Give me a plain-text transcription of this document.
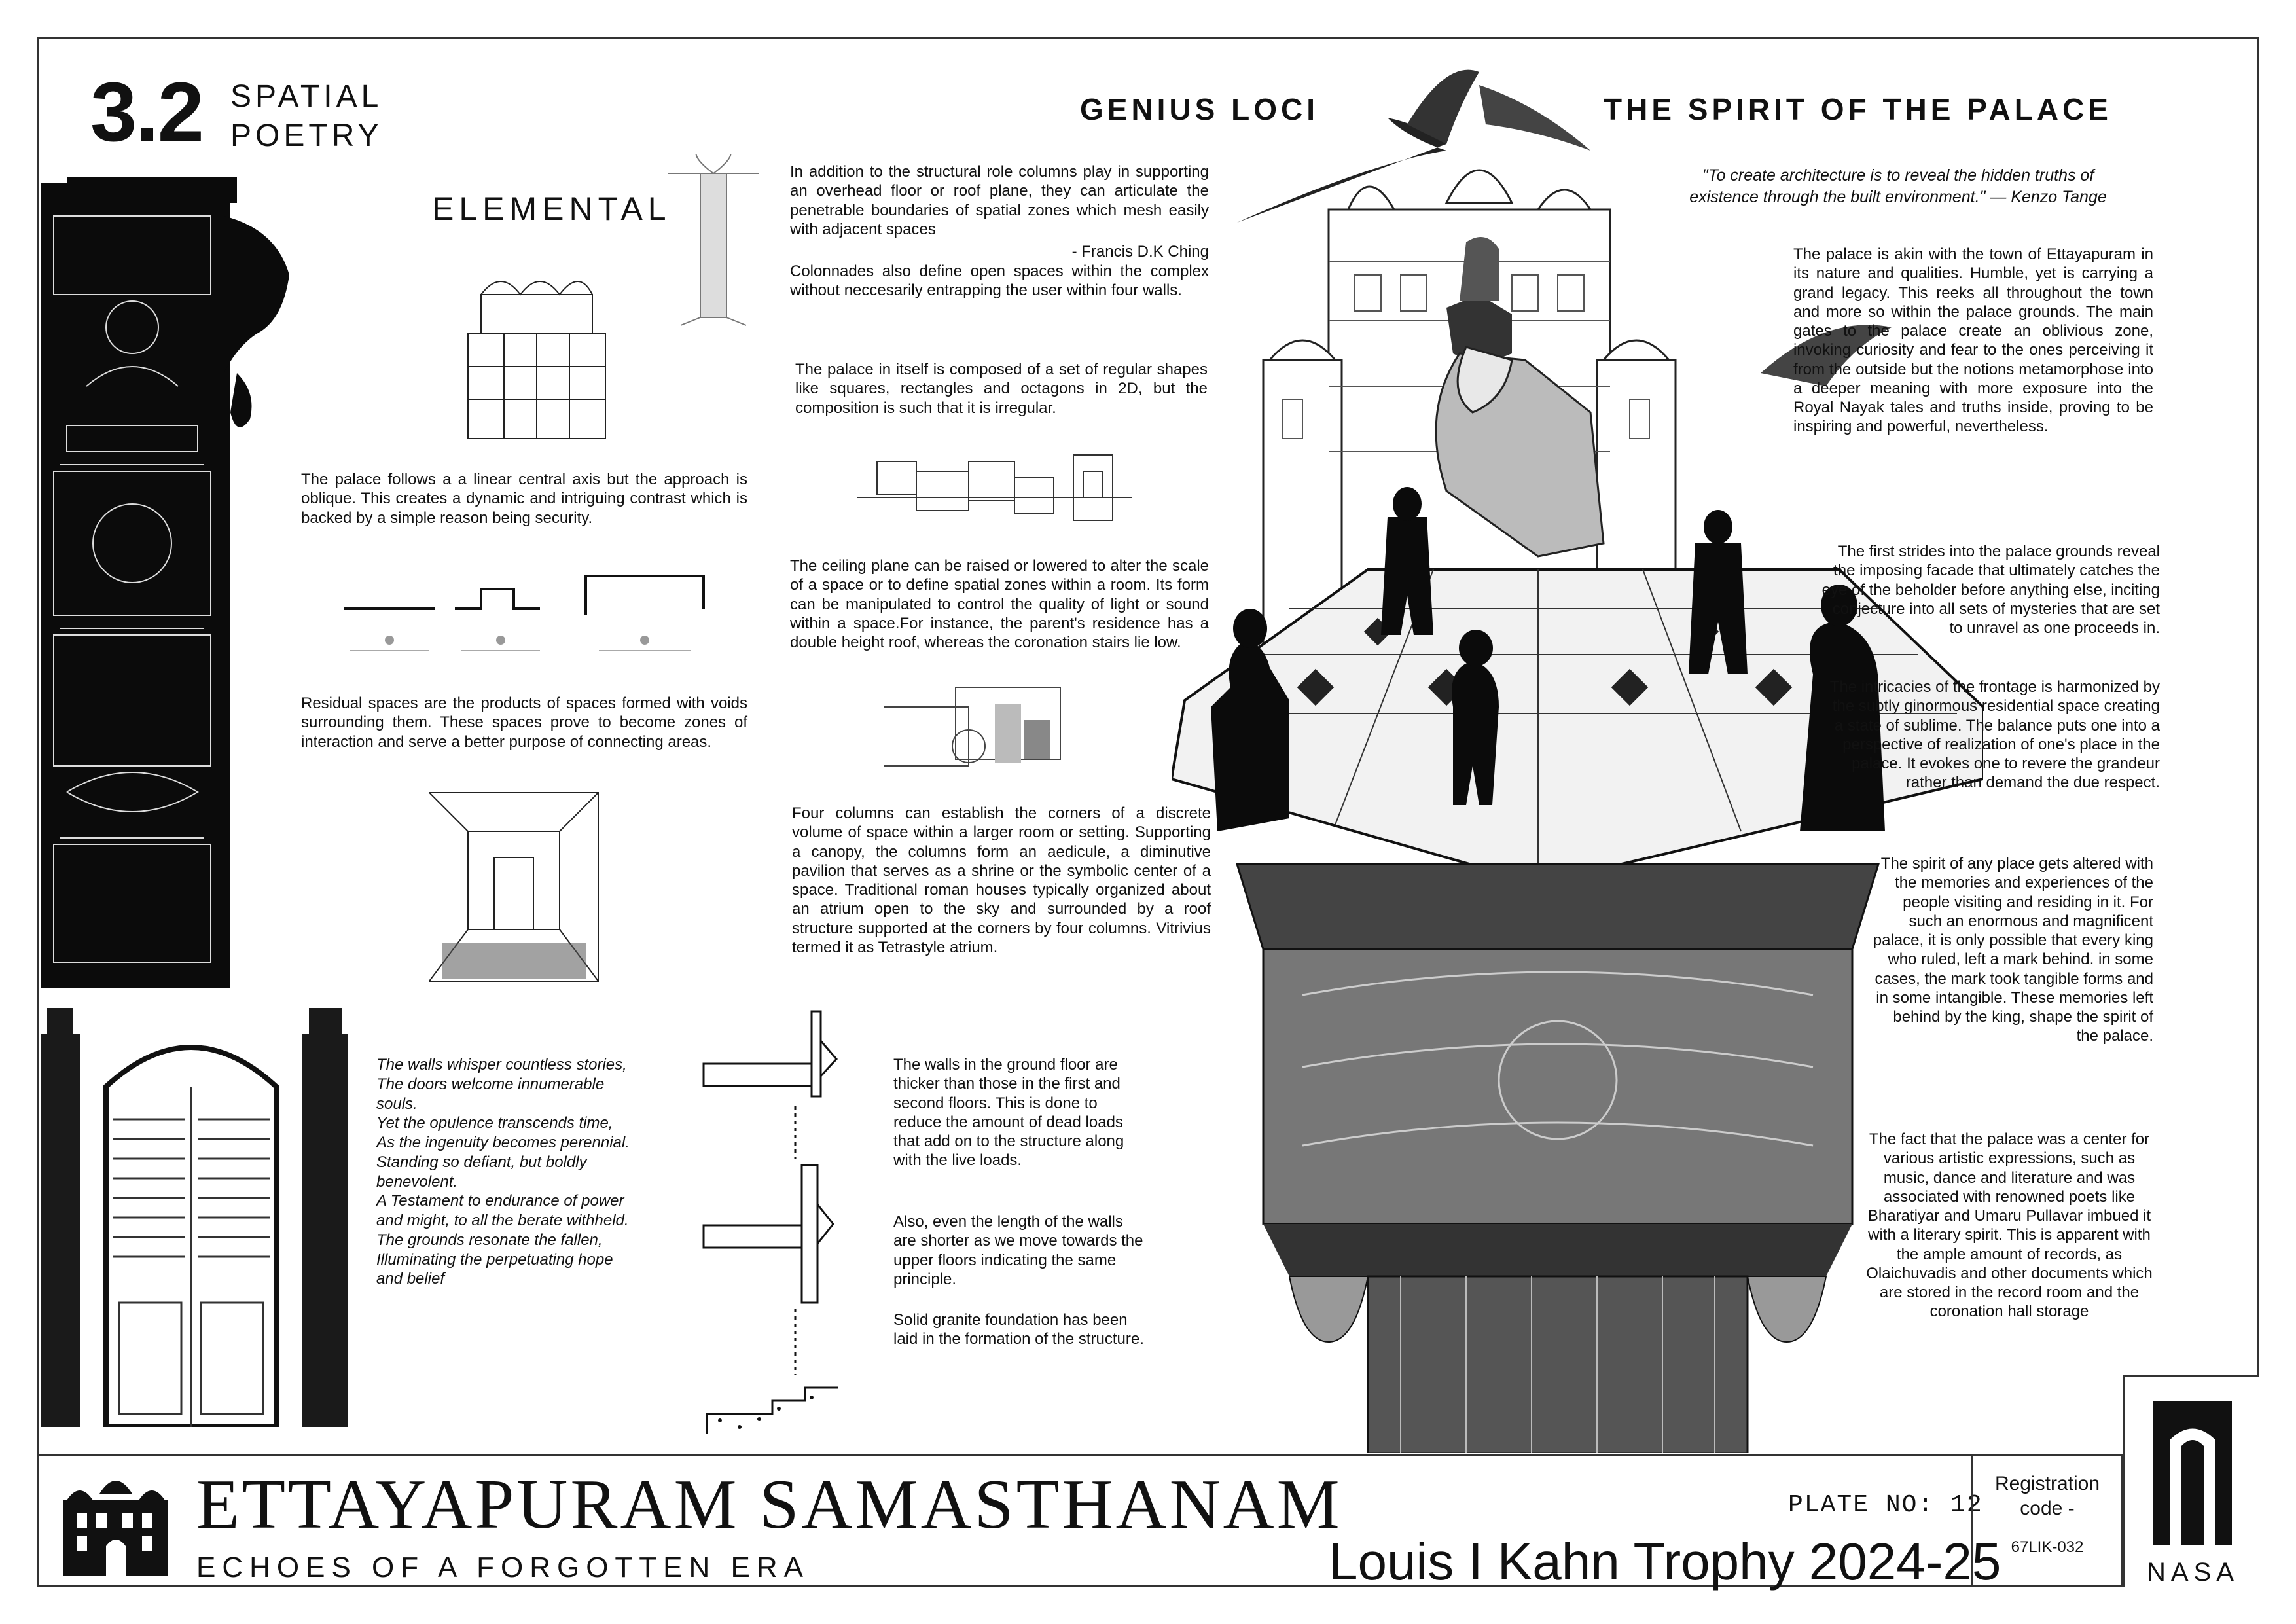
3.2 SPATIAL
POETRY
ELEMENTAL
GENIUS LOCI	THE SPIRIT OF THE PALACE
"To create architecture is to reveal the hidden truths of existence through the built environment." — Kenzo Tange
The palace follows a a linear central axis but the approach is oblique. This creates a dynamic and intriguing contrast which is backed by a simple reason being security.
Residual spaces are the products of spaces formed with voids surrounding them. These spaces prove to become zones of interaction and serve a better purpose of connecting areas.
The walls whisper countless stories,
The doors welcome innumerable souls.
Yet the opulence transcends time,
As the ingenuity becomes perennial.
Standing so defiant, but boldly benevolent.
A Testament to endurance of power and might, to all the berate withheld.
The grounds resonate the fallen,
Illuminating the perpetuating hope and belief
In addition to the structural role columns play in supporting an overhead floor or roof plane, they can articulate the penetrable boundaries of spatial zones which mesh easily with adjacent spaces
- Francis D.K Ching
Colonnades also define open spaces within the complex without neccesarily entrapping the user within four walls.
The palace in itself is composed of a set of regular shapes like squares, rectangles and octagons in 2D, but the composition is such that it is irregular.
The ceiling plane can be raised or lowered to alter the scale of a space or to define spatial zones within a room. Its form can be manipulated to control the quality of light or sound within a space.For instance, the parent's residence has a double height roof, whereas the coronation stairs lie low.
Four columns can establish the corners of a discrete volume of space within a larger room or setting. Supporting a canopy, the columns form an aedicule, a diminutive pavilion that serves as a shrine or the symbolic center of a space. Traditional roman houses typically organized about an atrium open to the sky and surrounded by a roof structure supported at the corners by four columns. Vitrivius termed it as Tetrastyle atrium.
The walls in the ground floor are thicker than those in the first and second floors. This is done to reduce the amount of dead loads that add on to the structure along with the live loads.
Also, even the length of the walls are shorter as we move towards the upper floors indicating the same principle.
Solid granite foundation has been laid in the formation of the structure.
The palace is akin with the town of Ettayapuram in its nature and qualities. Humble, yet is carrying a grand legacy. This reeks all throughout the town and more so within the palace grounds. The main gates to the palace create an oblivious zone, invoking curiosity and fear to the ones perceiving it from the outside but the notions metamorphose into a deeper meaning with more exposure into the Royal Nayak tales and truths inside, proving to be inspiring and powerful, nevertheless.
The first strides into the palace grounds reveal the imposing facade that ultimately catches the eye of the beholder before anything else, inciting conjecture into all sets of mysteries that are set to unravel as one proceeds in.
The intricacies of the frontage is harmonized by the subtly ginormous residential space creating a state of sublime. The balance puts one into a perspective of realization of one's place in the palace. It evokes one to revere the grandeur rather than demand the due respect.
The spirit of any place gets altered with the memories and experiences of the people visiting and residing in it. For such an enormous and magnificent palace, it is only possible that every king who ruled, left a mark behind. in some cases, the mark took tangible forms and in some intangible. These memories left behind by the king, shape the spirit of the palace.
The fact that the palace was a center for various artistic expressions, such as music, dance and literature and was associated with renowned poets like Bharatiyar and Umaru Pullavar imbued it with a literary spirit. This is apparent with the ample amount of records, as Olaichuvadis and other documents which are stored in the record room and the coronation hall storage
ETTAYAPURAM SAMASTHANAM
ECHOES OF A FORGOTTEN ERA
PLATE NO: 12
Louis I Kahn Trophy 2024-25
Registration code -
67LIK-032
NASA
